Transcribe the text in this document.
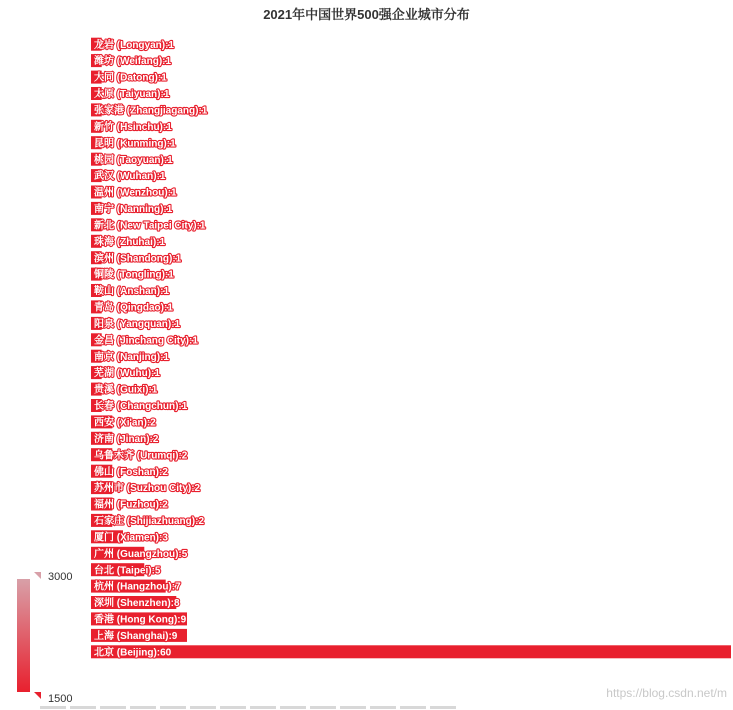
2021年中国世界500强企业城市分布
北京 (Beijing):60
上海 (Shanghai):9
香港 (Hong Kong):9
深圳 (Shenzhen):8
杭州 (Hangzhou):7
台北 (Taipei):5
广州 (Guangzhou):5
厦门 (Xiamen):3
石家庄 (Shijiazhuang):2
福州 (Fuzhou):2
苏州市 (Suzhou City):2
佛山 (Foshan):2
乌鲁木齐 (Urumqi):2
济南 (Jinan):2
西安 (Xi'an):2
长春 (Changchun):1
贵溪 (Guixi):1
芜湖 (Wuhu):1
南京 (Nanjing):1
金昌 (Jinchang City):1
阳泉 (Yangquan):1
青岛 (Qingdao):1
鞍山 (Anshan):1
铜陵 (Tongling):1
滨州 (Shandong):1
珠海 (Zhuhai):1
新北 (New Taipei City):1
南宁 (Nanning):1
温州 (Wenzhou):1
武汉 (Wuhan):1
桃园 (Taoyuan):1
昆明 (Kunming):1
新竹 (Hsinchu):1
张家港 (Zhangjiagang):1
太原 (Taiyuan):1
大同 (Datong):1
潍坊 (Weifang):1
龙岩 (Longyan):1
3000
1500	https://blog.csdn.net/m
